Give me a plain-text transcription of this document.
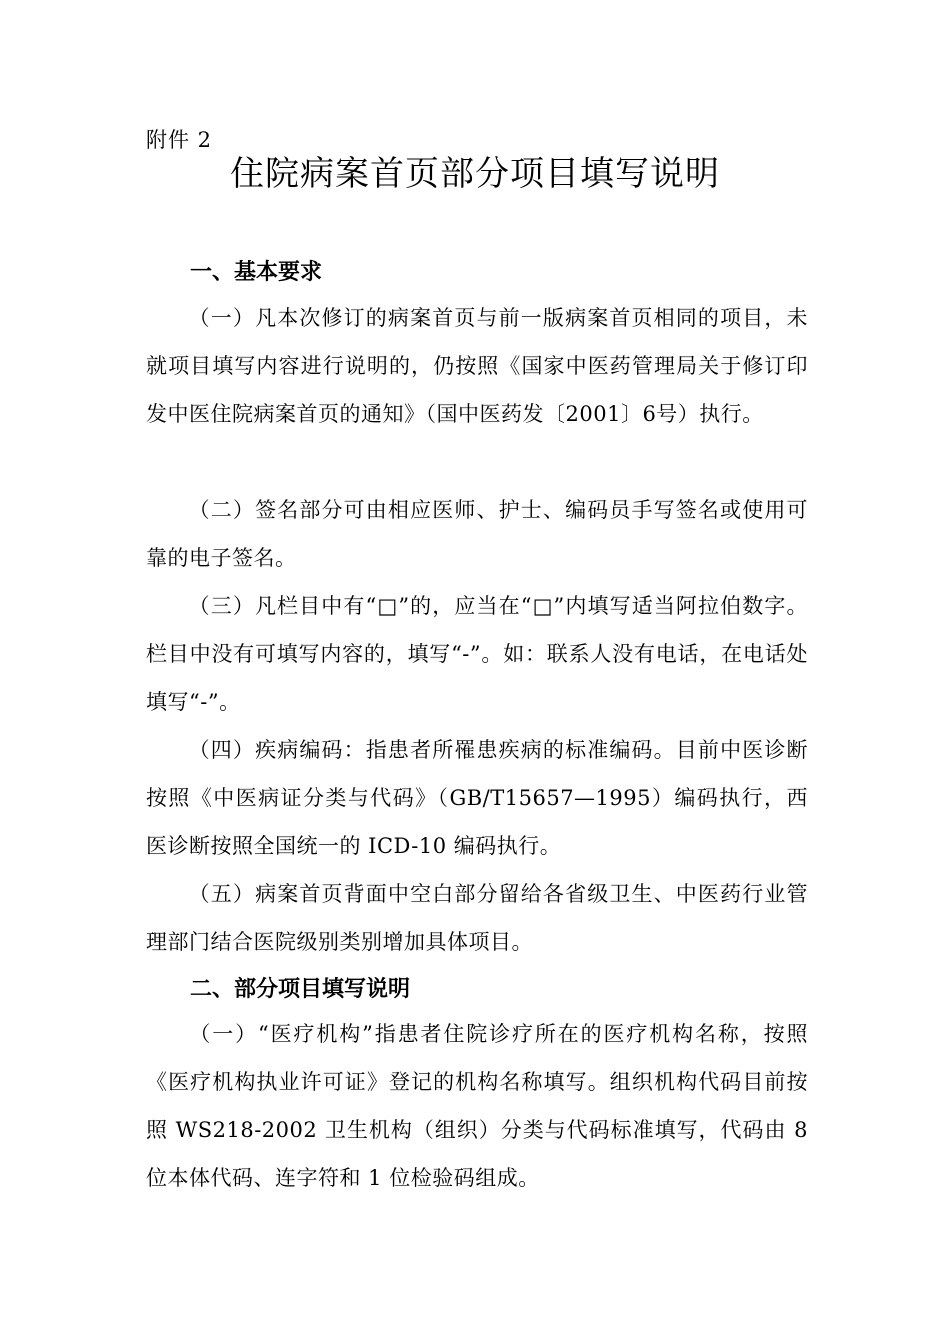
附件 2
住院病案首页部分项目填写说明
一、基本要求
（一）凡本次修订的病案首页与前一版病案首页相同的项目，未就项目填写内容进行说明的，仍按照《国家中医药管理局关于修订印发中医住院病案首页的通知》（国中医药发〔2001〕6号）执行。
（二）签名部分可由相应医师、护士、编码员手写签名或使用可靠的电子签名。
（三）凡栏目中有“□”的，应当在“□”内填写适当阿拉伯数字。栏目中没有可填写内容的，填写“-”。如：联系人没有电话，在电话处填写“-”。
（四）疾病编码：指患者所罹患疾病的标准编码。目前中医诊断按照《中医病证分类与代码》（GB/T15657—1995）编码执行，西医诊断按照全国统一的 ICD-10 编码执行。
（五）病案首页背面中空白部分留给各省级卫生、中医药行业管理部门结合医院级别类别增加具体项目。
二、部分项目填写说明
（一）“医疗机构”指患者住院诊疗所在的医疗机构名称，按照《医疗机构执业许可证》登记的机构名称填写。组织机构代码目前按照 WS218-2002 卫生机构（组织）分类与代码标准填写，代码由 8 位本体代码、连字符和 1 位检验码组成。
